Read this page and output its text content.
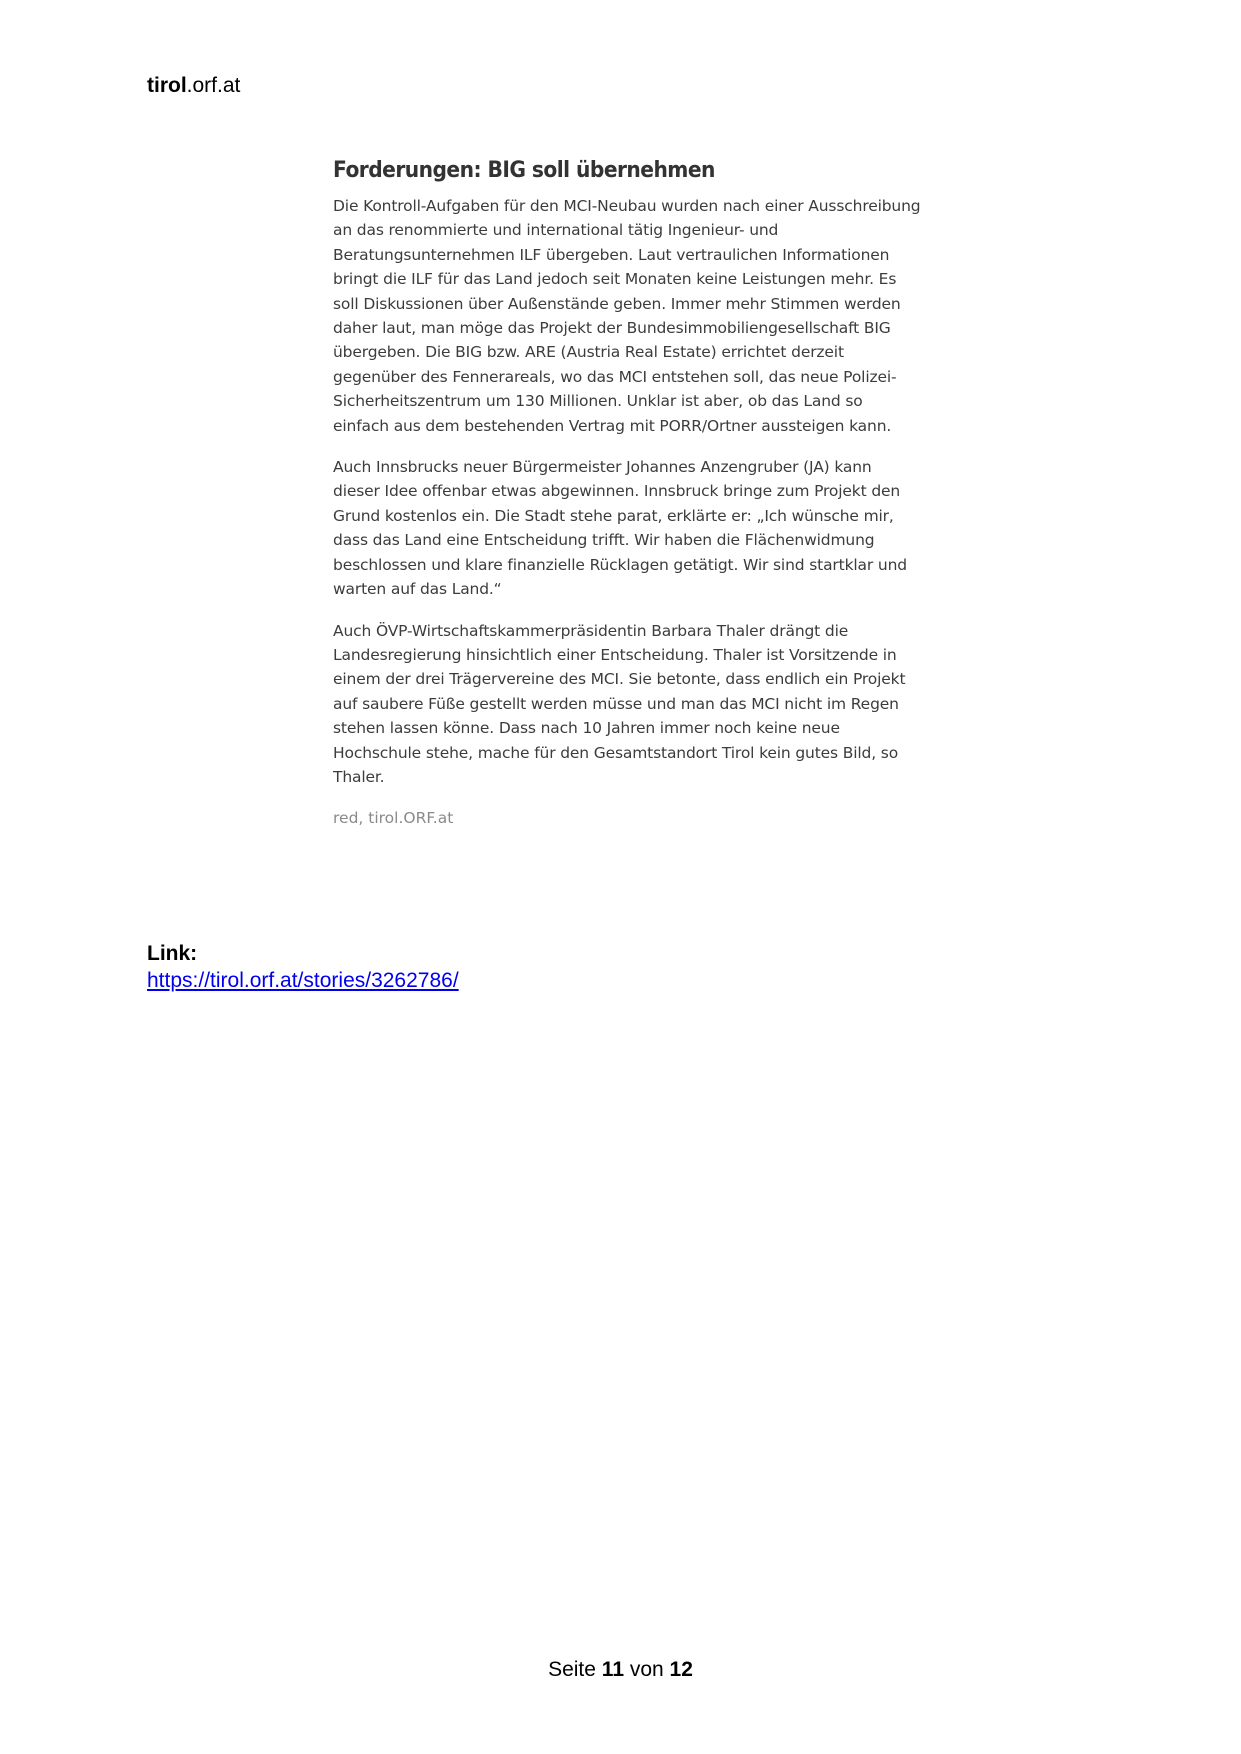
tirol.orf.at
Forderungen: BIG soll übernehmen

Die Kontroll-Aufgaben für den MCI-Neubau wurden nach einer Ausschreibung an das renommierte und international tätig Ingenieur- und Beratungsunternehmen ILF übergeben. Laut vertraulichen Informationen bringt die ILF für das Land jedoch seit Monaten keine Leistungen mehr. Es soll Diskussionen über Außenstände geben. Immer mehr Stimmen werden daher laut, man möge das Projekt der Bundesimmobiliengesellschaft BIG übergeben. Die BIG bzw. ARE (Austria Real Estate) errichtet derzeit gegenüber des Fennerareals, wo das MCI entstehen soll, das neue Polizei-Sicherheitszentrum um 130 Millionen. Unklar ist aber, ob das Land so einfach aus dem bestehenden Vertrag mit PORR/Ortner aussteigen kann.

Auch Innsbrucks neuer Bürgermeister Johannes Anzengruber (JA) kann dieser Idee offenbar etwas abgewinnen. Innsbruck bringe zum Projekt den Grund kostenlos ein. Die Stadt stehe parat, erklärte er: „Ich wünsche mir, dass das Land eine Entscheidung trifft. Wir haben die Flächenwidmung beschlossen und klare finanzielle Rücklagen getätigt. Wir sind startklar und warten auf das Land.“

Auch ÖVP-Wirtschaftskammerpräsidentin Barbara Thaler drängt die Landesregierung hinsichtlich einer Entscheidung. Thaler ist Vorsitzende in einem der drei Trägervereine des MCI. Sie betonte, dass endlich ein Projekt auf saubere Füße gestellt werden müsse und man das MCI nicht im Regen stehen lassen könne. Dass nach 10 Jahren immer noch keine neue Hochschule stehe, mache für den Gesamtstandort Tirol kein gutes Bild, so Thaler.

red, tirol.ORF.at
Link:
https://tirol.orf.at/stories/3262786/
Seite 11 von 12
